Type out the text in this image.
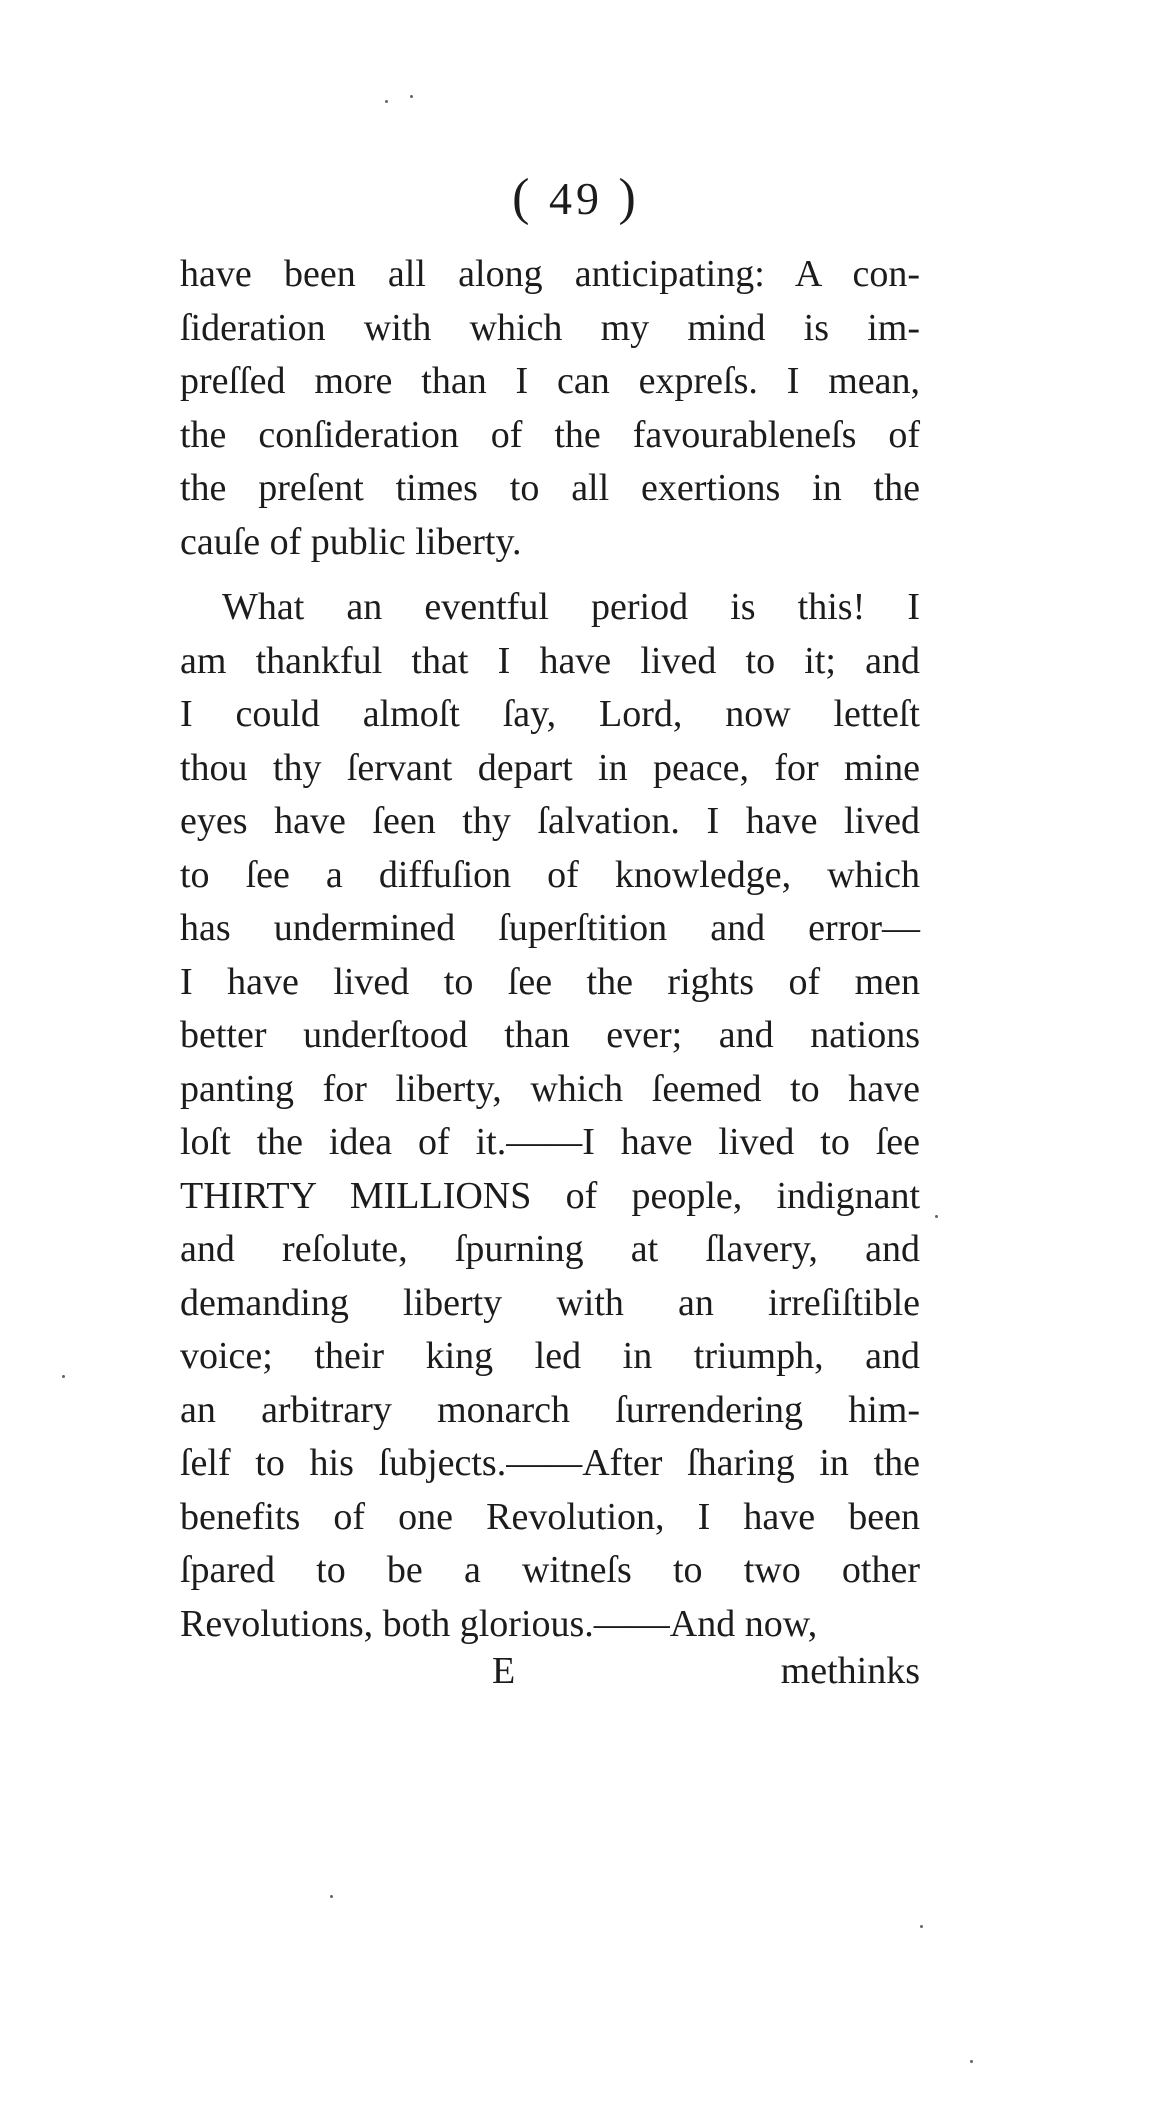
( 49 )
have been all along anticipating: A con-
ſideration with which my mind is im-
preſſed more than I can expreſs. I mean,
the conſideration of the favourableneſs of
the preſent times to all exertions in the
cauſe of public liberty.
What an eventful period is this! I
am thankful that I have lived to it; and
I could almoſt ſay, Lord, now letteſt
thou thy ſervant depart in peace, for mine
eyes have ſeen thy ſalvation. I have lived
to ſee a diffuſion of knowledge, which
has undermined ſuperſtition and error—
I have lived to ſee the rights of men
better underſtood than ever; and nations
panting for liberty, which ſeemed to have
loſt the idea of it.——I have lived to ſee
THIRTY MILLIONS of people, indignant
and reſolute, ſpurning at ſlavery, and
demanding liberty with an irreſiſtible
voice; their king led in triumph, and
an arbitrary monarch ſurrendering him-
ſelf to his ſubjects.——After ſharing in the
benefits of one Revolution, I have been
ſpared to be a witneſs to two other
Revolutions, both glorious.——And now,
E	methinks
